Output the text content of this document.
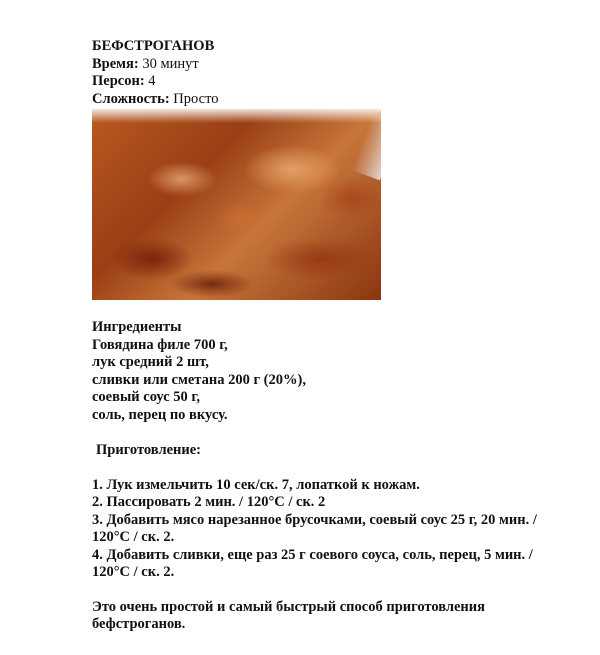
БЕФСТРОГАНОВ

Время: 30 минут

Персон: 4

Сложность: Просто

Ингредиенты

Говядина филе 700 г,

лук средний 2 шт,

сливки или сметана 200 г (20%),

соевый соус 50 г,

соль, перец по вкусу.

Приготовление:

1. Лук измельчить 10 сек/ск. 7, лопаткой к ножам.

2. Пассировать 2 мин. / 120°C / ск. 2

3. Добавить мясо нарезанное брусочками, соевый соус 25 г, 20 мин. / 120°C / ск. 2.

4. Добавить сливки, еще раз 25 г соевого соуса, соль, перец, 5 мин. / 120°C / ск. 2.

Это очень простой и самый быстрый способ приготовления бефстроганов.
